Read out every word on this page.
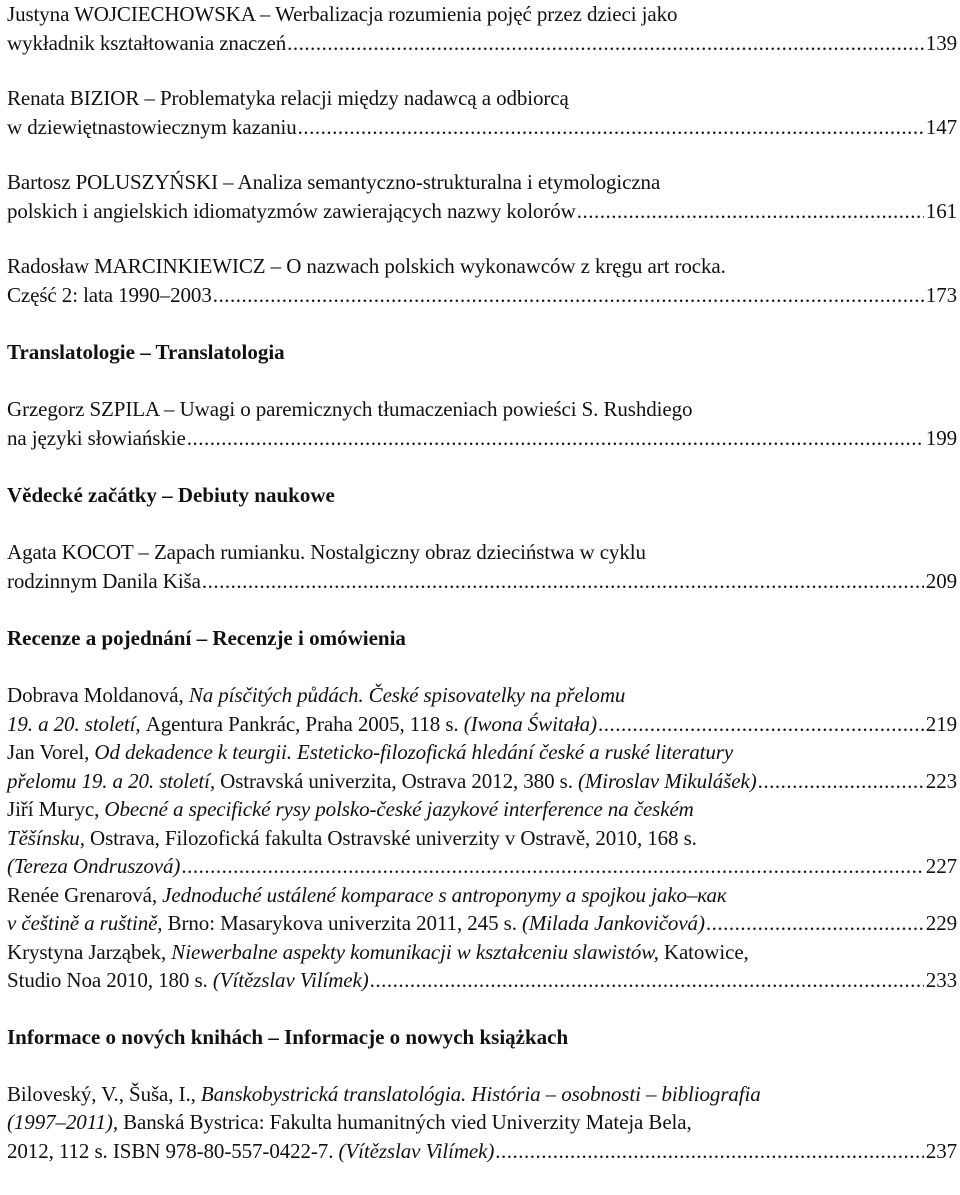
Justyna WOJCIECHOWSKA – Werbalizacja rozumienia pojęć przez dzieci jako
wykładnik kształtowania znaczeń .....	139
Renata BIZIOR – Problematyka relacji między nadawcą a odbiorcą
w dziewiętnastowiecznym kazaniu .....	147
Bartosz POLUSZYŃSKI – Analiza semantyczno-strukturalna i etymologiczna
polskich i angielskich idiomatyzmów zawierających nazwy kolorów .....	161
Radosław MARCINKIEWICZ – O nazwach polskich wykonawców z kręgu art rocka.
Część 2: lata 1990–2003 .....	173
Translatologie – Translatologia
Grzegorz SZPILA – Uwagi o paremicznych tłumaczeniach powieści S. Rushdiego
na języki słowiańskie .....	199
Vědecké začátky – Debiuty naukowe
Agata KOCOT – Zapach rumianku. Nostalgiczny obraz dzieciństwa w cyklu
rodzinnym Danila Kiša .....	209
Recenze a pojednání – Recenzje i omówienia
Dobrava Moldanová, Na písčitých půdách. České spisovatelky na přelomu
19. a 20. století, Agentura Pankrác, Praha 2005, 118 s. (Iwona Świtała) .....	219
Jan Vorel, Od dekadence k teurgii. Esteticko-filozofická hledání české a ruské literatury
přelomu 19. a 20. století, Ostravská univerzita, Ostrava 2012, 380 s. (Miroslav Mikulášek) .....	223
Jiří Muryc, Obecné a specifické rysy polsko-české jazykové interference na českém
Těšínsku, Ostrava, Filozofická fakulta Ostravské univerzity v Ostravě, 2010, 168 s.
(Tereza Ondruszová) .....	227
Renée Grenarová, Jednoduché ustálené komparace s antroponymy a spojkou jako–как
v češtině a ruštině, Brno: Masarykova univerzita 2011, 245 s. (Milada Jankovičová) .....	229
Krystyna Jarząbek, Niewerbalne aspekty komunikacji w kształceniu slawistów, Katowice,
Studio Noa 2010, 180 s. (Vítězslav Vilímek) .....	233
Informace o nových knihách – Informacje o nowych książkach
Biloveský, V., Šuša, I., Banskobystrická translatológia. História – osobnosti – bibliografia
(1997–2011), Banská Bystrica: Fakulta humanitných vied Univerzity Mateja Bela,
2012, 112 s. ISBN 978-80-557-0422-7. (Vítězslav Vilímek) .....	237
